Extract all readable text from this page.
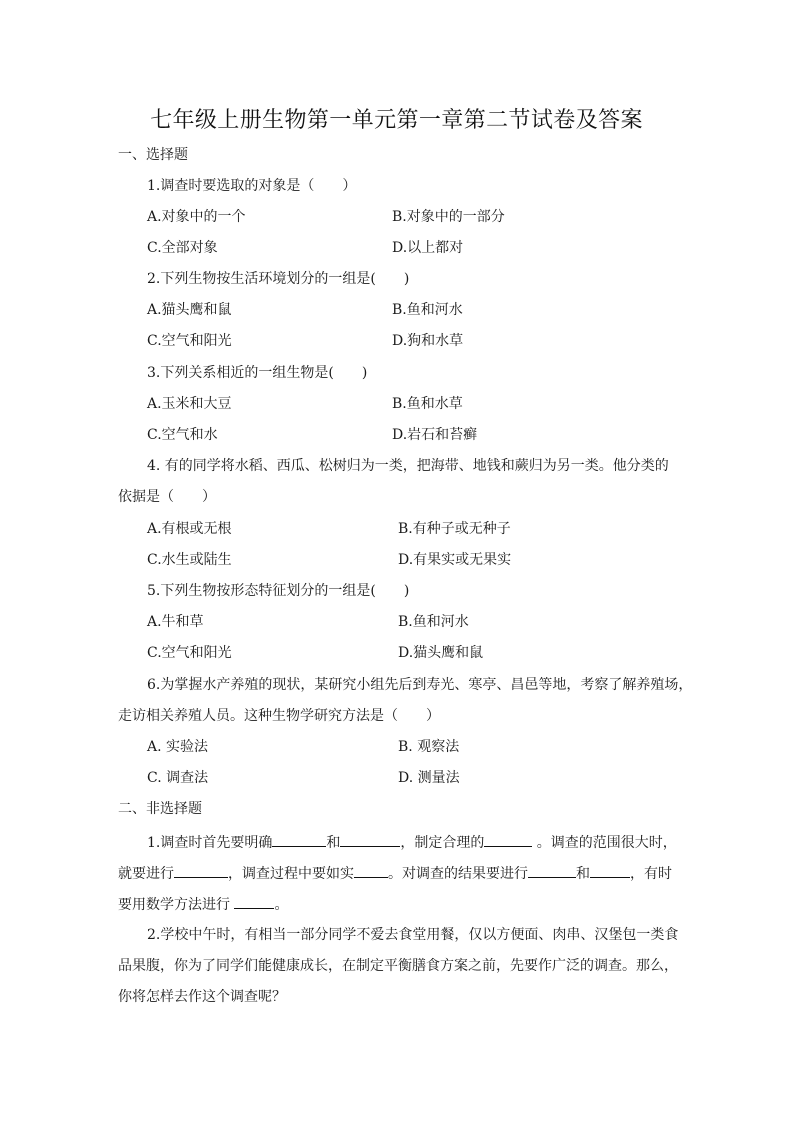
七年级上册生物第一单元第一章第二节试卷及答案
一、选择题
1.调查时要选取的对象是（　　）
A.对象中的一个	B.对象中的一部分
C.全部对象	D.以上都对
2.下列生物按生活环境划分的一组是(　　)
A.猫头鹰和鼠	B.鱼和河水
C.空气和阳光	D.狗和水草
3.下列关系相近的一组生物是(　　)
A.玉米和大豆	B.鱼和水草
C.空气和水	D.岩石和苔癣
4. 有的同学将水稻、西瓜、松树归为一类，把海带、地钱和蕨归为另一类。他分类的
依据是（　　）
A.有根或无根	B.有种子或无种子
C.水生或陆生	D.有果实或无果实
5.下列生物按形态特征划分的一组是(　　)
A.牛和草	B.鱼和河水
C.空气和阳光	D.猫头鹰和鼠
6.为掌握水产养殖的现状，某研究小组先后到寿光、寒亭、昌邑等地，考察了解养殖场，
走访相关养殖人员。这种生物学研究方法是（　　）
A. 实验法	B. 观察法
C. 调查法	D. 测量法
二、非选择题
1.调查时首先要明确	和	，制定合理的	。调查的范围很大时，
就要进行	，调查过程中要如实 。对调查的结果要进行	和	，有时
要用数学方法进行	。
2.学校中午时，有相当一部分同学不爱去食堂用餐，仅以方便面、肉串、汉堡包一类食品果腹，你为了同学们能健康成长，在制定平衡膳食方案之前，先要作广泛的调查。那么，你将怎样去作这个调查呢？
